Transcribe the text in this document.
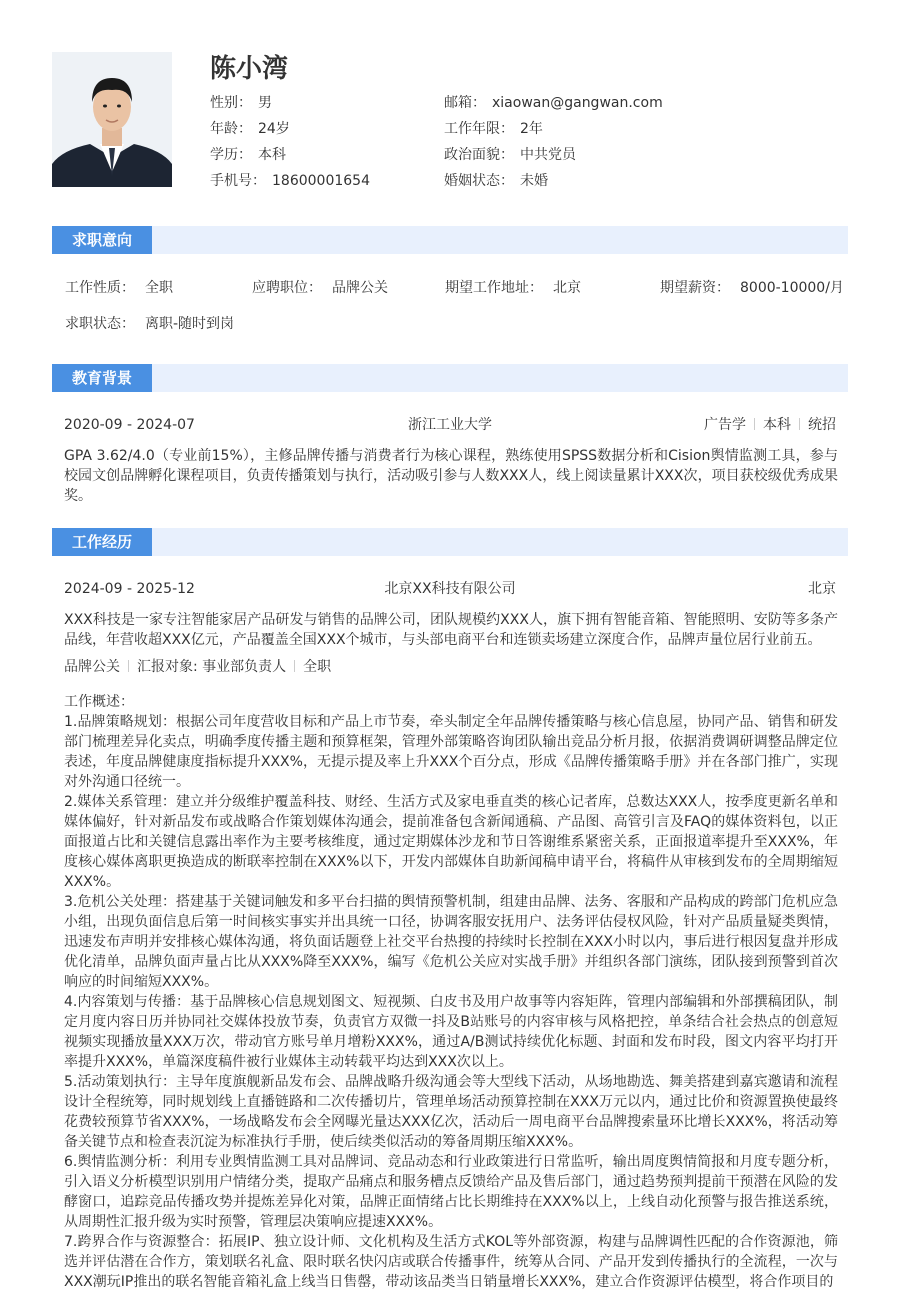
陈小湾
性别： 男
年龄： 24岁
学历： 本科
手机号： 18600001654
邮箱： xiaowan@gangwan.com
工作年限： 2年
政治面貌： 中共党员
婚姻状态： 未婚
求职意向
工作性质： 全职	应聘职位： 品牌公关	期望工作地址： 北京	期望薪资： 8000-10000/月
求职状态： 离职-随时到岗
教育背景
2020-09 - 2024-07	浙江工业大学	广告学 本科 统招

GPA 3.62/4.0（专业前15%），主修品牌传播与消费者行为核心课程，熟练使用SPSS数据分析和Cision舆情监测工具，参与校园文创品牌孵化课程项目，负责传播策划与执行，活动吸引参与人数XXX人，线上阅读量累计XXX次，项目获校级优秀成果奖。

工作经历
2024-09 - 2025-12	北京XX科技有限公司	北京

XXX科技是一家专注智能家居产品研发与销售的品牌公司，团队规模约XXX人，旗下拥有智能音箱、智能照明、安防等多条产品线，年营收超XXX亿元，产品覆盖全国XXX个城市，与头部电商平台和连锁卖场建立深度合作，品牌声量位居行业前五。

品牌公关 汇报对象: 事业部负责人 全职
工作概述：
1.品牌策略规划：根据公司年度营收目标和产品上市节奏，牵头制定全年品牌传播策略与核心信息屋，协同产品、销售和研发部门梳理差异化卖点，明确季度传播主题和预算框架，管理外部策略咨询团队输出竞品分析月报，依据消费调研调整品牌定位表述，年度品牌健康度指标提升XXX%，无提示提及率上升XXX个百分点，形成《品牌传播策略手册》并在各部门推广，实现对外沟通口径统一。
2.媒体关系管理：建立并分级维护覆盖科技、财经、生活方式及家电垂直类的核心记者库，总数达XXX人，按季度更新名单和媒体偏好，针对新品发布或战略合作策划媒体沟通会，提前准备包含新闻通稿、产品图、高管引言及FAQ的媒体资料包，以正面报道占比和关键信息露出率作为主要考核维度，通过定期媒体沙龙和节日答谢维系紧密关系，正面报道率提升至XXX%，年度核心媒体离职更换造成的断联率控制在XXX%以下，开发内部媒体自助新闻稿申请平台，将稿件从审核到发布的全周期缩短XXX%。
3.危机公关处理：搭建基于关键词触发和多平台扫描的舆情预警机制，组建由品牌、法务、客服和产品构成的跨部门危机应急小组，出现负面信息后第一时间核实事实并出具统一口径，协调客服安抚用户、法务评估侵权风险，针对产品质量疑类舆情，迅速发布声明并安排核心媒体沟通，将负面话题登上社交平台热搜的持续时长控制在XXX小时以内，事后进行根因复盘并形成优化清单，品牌负面声量占比从XXX%降至XXX%，编写《危机公关应对实战手册》并组织各部门演练，团队接到预警到首次响应的时间缩短XXX%。
4.内容策划与传播：基于品牌核心信息规划图文、短视频、白皮书及用户故事等内容矩阵，管理内部编辑和外部撰稿团队，制定月度内容日历并协同社交媒体投放节奏，负责官方双微一抖及B站账号的内容审核与风格把控，单条结合社会热点的创意短视频实现播放量XXX万次，带动官方账号单月增粉XXX%，通过A/B测试持续优化标题、封面和发布时段，图文内容平均打开率提升XXX%，单篇深度稿件被行业媒体主动转载平均达到XXX次以上。
5.活动策划执行：主导年度旗舰新品发布会、品牌战略升级沟通会等大型线下活动，从场地勘选、舞美搭建到嘉宾邀请和流程设计全程统筹，同时规划线上直播链路和二次传播切片，管理单场活动预算控制在XXX万元以内，通过比价和资源置换使最终花费较预算节省XXX%，一场战略发布会全网曝光量达XXX亿次，活动后一周电商平台品牌搜索量环比增长XXX%，将活动筹备关键节点和检查表沉淀为标准执行手册，使后续类似活动的筹备周期压缩XXX%。
6.舆情监测分析：利用专业舆情监测工具对品牌词、竞品动态和行业政策进行日常监听，输出周度舆情简报和月度专题分析，引入语义分析模型识别用户情绪分类，提取产品痛点和服务槽点反馈给产品及售后部门，通过趋势预判提前干预潜在风险的发酵窗口，追踪竞品传播攻势并提炼差异化对策，品牌正面情绪占比长期维持在XXX%以上，上线自动化预警与报告推送系统，从周期性汇报升级为实时预警，管理层决策响应提速XXX%。
7.跨界合作与资源整合：拓展IP、独立设计师、文化机构及生活方式KOL等外部资源，构建与品牌调性匹配的合作资源池，筛选并评估潜在合作方，策划联名礼盒、限时联名快闪店或联合传播事件，统筹从合同、产品开发到传播执行的全流程，一次与XXX潮玩IP推出的联名智能音箱礼盒上线当日售罄，带动该品类当日销量增长XXX%，建立合作资源评估模型，将合作项目的
